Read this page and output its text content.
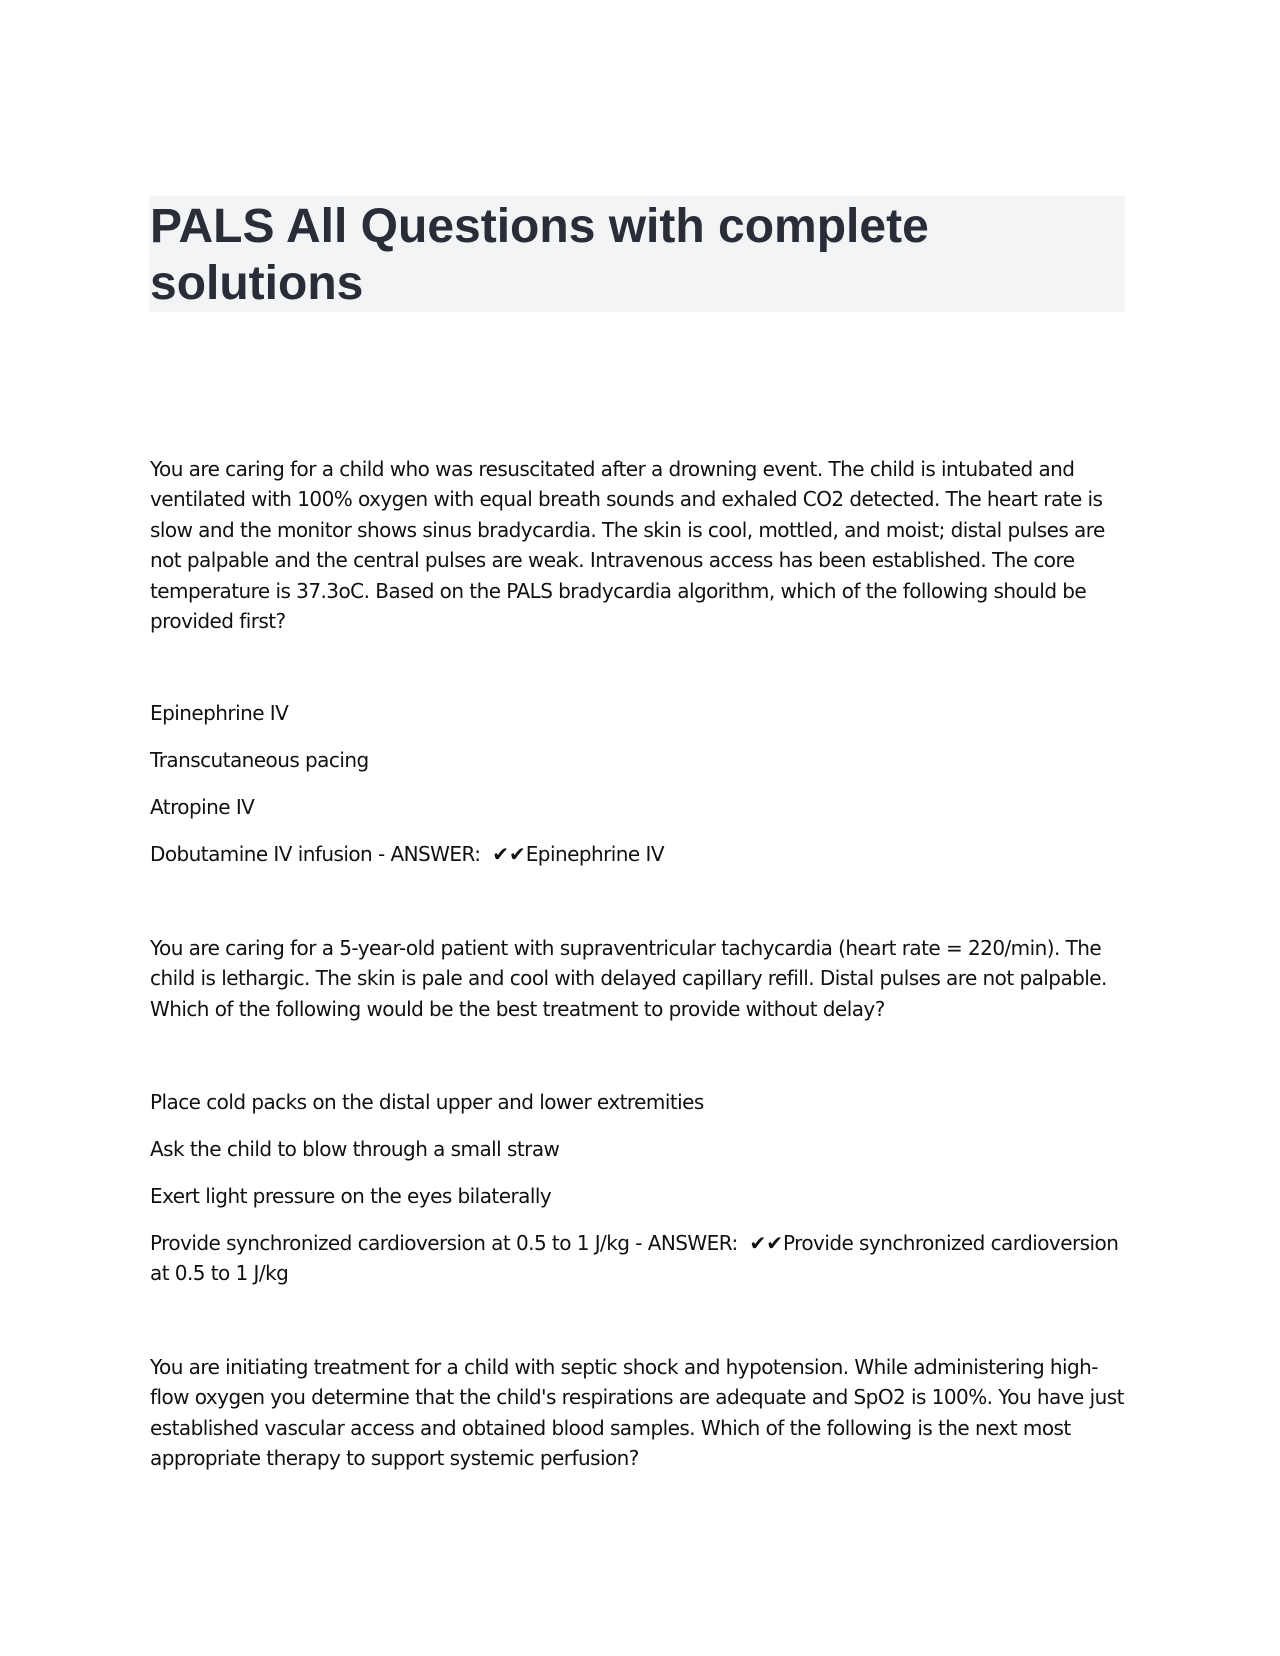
PALS All Questions with complete solutions

You are caring for a child who was resuscitated after a drowning event. The child is intubated and ventilated with 100% oxygen with equal breath sounds and exhaled CO2 detected. The heart rate is slow and the monitor shows sinus bradycardia. The skin is cool, mottled, and moist; distal pulses are not palpable and the central pulses are weak. Intravenous access has been established. The core temperature is 37.3oC. Based on the PALS bradycardia algorithm, which of the following should be provided first?

Epinephrine IV

Transcutaneous pacing

Atropine IV

Dobutamine IV infusion - ANSWER: ✔✔Epinephrine IV

You are caring for a 5-year-old patient with supraventricular tachycardia (heart rate = 220/min). The child is lethargic. The skin is pale and cool with delayed capillary refill. Distal pulses are not palpable. Which of the following would be the best treatment to provide without delay?

Place cold packs on the distal upper and lower extremities

Ask the child to blow through a small straw

Exert light pressure on the eyes bilaterally

Provide synchronized cardioversion at 0.5 to 1 J/kg - ANSWER: ✔✔Provide synchronized cardioversion at 0.5 to 1 J/kg

You are initiating treatment for a child with septic shock and hypotension. While administering high-flow oxygen you determine that the child's respirations are adequate and SpO2 is 100%. You have just established vascular access and obtained blood samples. Which of the following is the next most appropriate therapy to support systemic perfusion?
